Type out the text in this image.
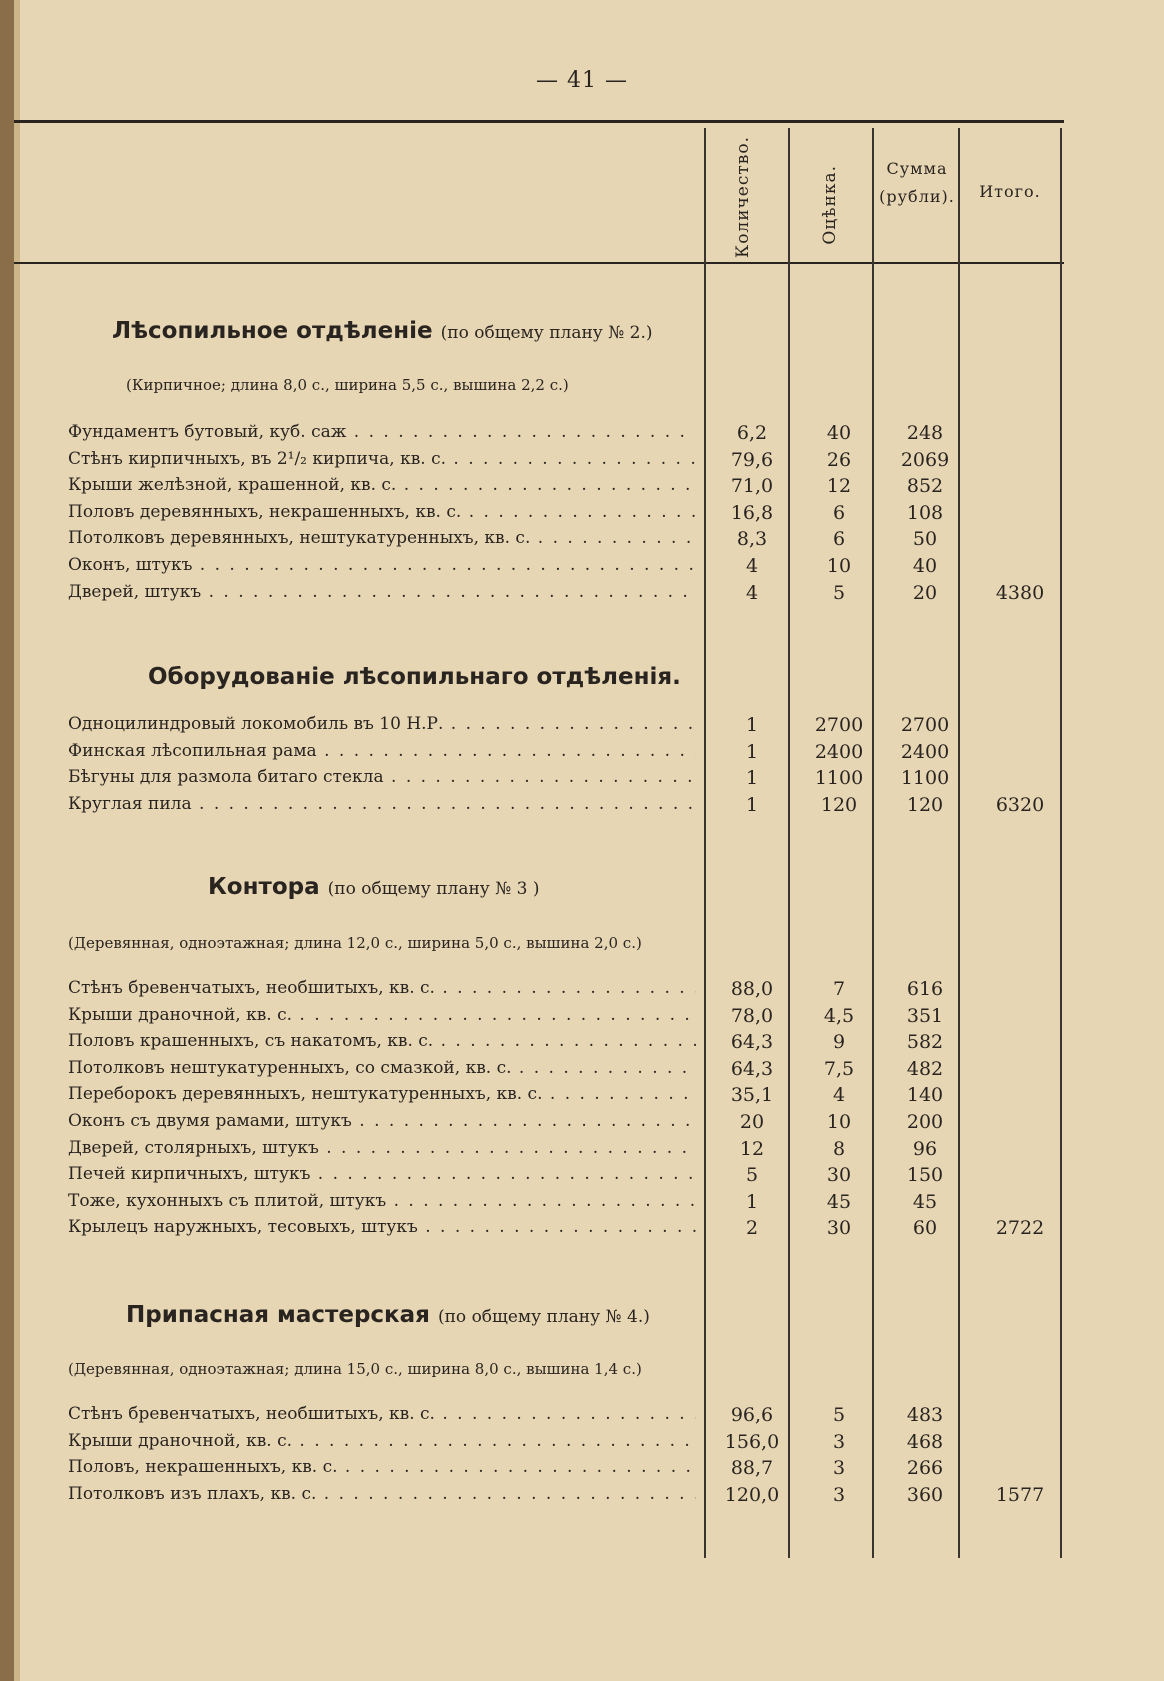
— 41 —
Количество.	Оцѣнка.	Сумма
(рубли).	Итого.
Лѣсопильное отдѣленіе (по общему плану № 2.)
(Кирпичное; длина 8,0 с., ширина 5,5 с., вышина 2,2 с.)
Фундаментъ бутовый, куб. саж . . .	6,2	40	248
Стѣнъ кирпичныхъ, въ 2¹/₂ кирпича, кв. с. . . .	79,6	26	2069
Крыши желѣзной, крашенной, кв. с. . . .	71,0	12	852
Половъ деревянныхъ, некрашенныхъ, кв. с. . . .	16,8	6	108
Потолковъ деревянныхъ, нештукатуренныхъ, кв. с. . . .	8,3	6	50
Оконъ, штукъ . . .	4	10	40
Дверей, штукъ . . .	4	5	20	4380
Оборудованіе лѣсопильнаго отдѣленія.
Одноцилиндровый локомобиль въ 10 Н.Р. . . .	1	2700	2700
Финская лѣсопильная рама . . .	1	2400	2400
Бѣгуны для размола битаго стекла . . .	1	1100	1100
Круглая пила . . .	1	120	120	6320
Контора (по общему плану № 3 )
(Деревянная, одноэтажная; длина 12,0 с., ширина 5,0 с., вышина 2,0 с.)
Стѣнъ бревенчатыхъ, необшитыхъ, кв. с. . . .	88,0	7	616
Крыши драночной, кв. с. . . .	78,0	4,5	351
Половъ крашенныхъ, съ накатомъ, кв. с. . . .	64,3	9	582
Потолковъ нештукатуренныхъ, со смазкой, кв. с. . . .	64,3	7,5	482
Переборокъ деревянныхъ, нештукатуренныхъ, кв. с. . . .	35,1	4	140
Оконъ съ двумя рамами, штукъ . . .	20	10	200
Дверей, столярныхъ, штукъ . . .	12	8	96
Печей кирпичныхъ, штукъ . . .	5	30	150
Тоже, кухонныхъ съ плитой, штукъ . . .	1	45	45
Крылецъ наружныхъ, тесовыхъ, штукъ . . .	2	30	60	2722
Припасная мастерская (по общему плану № 4.)
(Деревянная, одноэтажная; длина 15,0 с., ширина 8,0 с., вышина 1,4 с.)
Стѣнъ бревенчатыхъ, необшитыхъ, кв. с. . . .	96,6	5	483
Крыши драночной, кв. с. . . .	156,0	3	468
Половъ, некрашенныхъ, кв. с. . . .	88,7	3	266
Потолковъ изъ плахъ, кв. с. . . .	120,0	3	360	1577
